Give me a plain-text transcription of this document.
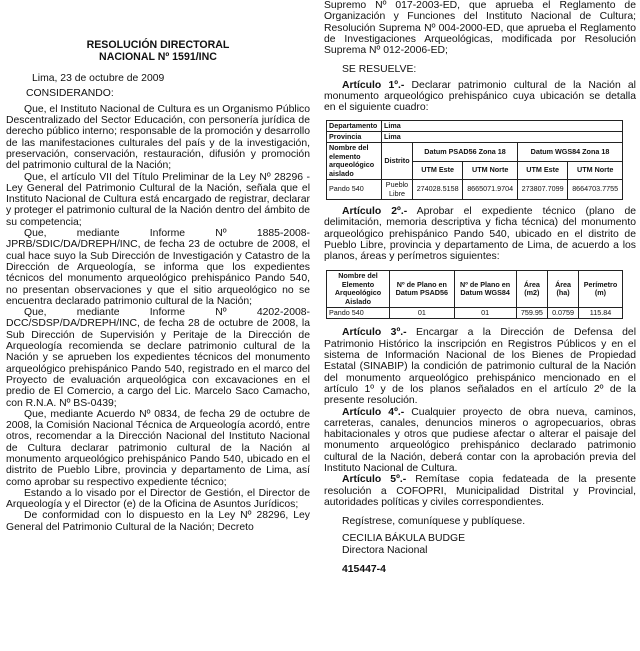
RESOLUCIÓN DIRECTORAL
NACIONAL Nº 1591/INC

Lima, 23 de octubre de 2009

CONSIDERANDO:

Que, el Instituto Nacional de Cultura es un Organismo Público Descentralizado del Sector Educación, con personería jurídica de derecho público interno; responsable de la promoción y desarrollo de las manifestaciones culturales del país y de la investigación, preservación, conservación, restauración, difusión y promoción del patrimonio cultural de la Nación;

Que, el artículo VII del Título Preliminar de la Ley Nº 28296 - Ley General del Patrimonio Cultural de la Nación, señala que el Instituto Nacional de Cultura está encargado de registrar, declarar y proteger el patrimonio cultural de la Nación dentro del ámbito de su competencia;

Que, mediante Informe Nº 1885-2008-JPRB/SDIC/DA/DREPH/INC, de fecha 23 de octubre de 2008, el cual hace suyo la Sub Dirección de Investigación y Catastro de la Dirección de Arqueología, se informa que los expedientes técnicos del monumento arqueológico prehispánico Pando 540, no presentan observaciones y que el sitio arqueológico no se encuentra declarado patrimonio cultural de la Nación;

Que, mediante Informe Nº 4202-2008-DCC/SDSP/DA/DREPH/INC, de fecha 28 de octubre de 2008, la Sub Dirección de Supervisión y Peritaje de la Dirección de Arqueología recomienda se declare patrimonio cultural de la Nación y se aprueben los expedientes técnicos del monumento arqueológico prehispánico Pando 540, registrado en el marco del Proyecto de evaluación arqueológica con excavaciones en el predio de El Comercio, a cargo del Lic. Marcelo Saco Camacho, con R.N.A. Nº BS-0439;

Que, mediante Acuerdo Nº 0834, de fecha 29 de octubre de 2008, la Comisión Nacional Técnica de Arqueología acordó, entre otros, recomendar a la Dirección Nacional del Instituto Nacional de Cultura declarar patrimonio cultural de la Nación al monumento arqueológico prehispánico Pando 540, ubicado en el distrito de Pueblo Libre, provincia y departamento de Lima, así como aprobar su respectivo expediente técnico;

Estando a lo visado por el Director de Gestión, el Director de Arqueología y el Director (e) de la Oficina de Asuntos Jurídicos;

De conformidad con lo dispuesto en la Ley Nº 28296, Ley General del Patrimonio Cultural de la Nación; Decreto

Supremo Nº 017-2003-ED, que aprueba el Reglamento de Organización y Funciones del Instituto Nacional de Cultura; Resolución Suprema Nº 004-2000-ED, que aprueba el Reglamento de Investigaciones Arqueológicas, modificada por Resolución Suprema Nº 012-2006-ED;

SE RESUELVE:

Artículo 1º.- Declarar patrimonio cultural de la Nación al monumento arqueológico prehispánico cuya ubicación se detalla en el siguiente cuadro:

Departamento	Lima				
Provincia	Lima				
Nombre del elemento arqueológico aislado	Distrito	Datum PSAD56 Zona 18		Datum WGS84 Zona 18	
		UTM Este	UTM Norte	UTM Este	UTM Norte
Pando 540	Pueblo Libre	274028.5158	8665071.9704	273807.7099	8664703.7755

Artículo 2º.- Aprobar el expediente técnico (plano de delimitación, memoria descriptiva y ficha técnica) del monumento arqueológico prehispánico Pando 540, ubicado en el distrito de Pueblo Libre, provincia y departamento de Lima, de acuerdo a los planos, áreas y perímetros siguientes:

Nombre del Elemento Arqueológico Aislado	Nº de Plano en Datum PSAD56	Nº de Plano en Datum WGS84	Área (m2)	Área (ha)	Perímetro (m)
Pando 540	01	01	759.95	0.0759	115.84

Artículo 3º.- Encargar a la Dirección de Defensa del Patrimonio Histórico la inscripción en Registros Públicos y en el sistema de Información Nacional de los Bienes de Propiedad Estatal (SINABIP) la condición de patrimonio cultural de la Nación del monumento arqueológico prehispánico mencionado en el artículo 1º y de los planos señalados en el artículo 2º de la presente resolución.

Artículo 4º.- Cualquier proyecto de obra nueva, caminos, carreteras, canales, denuncios mineros o agropecuarios, obras habitacionales y otros que pudiese afectar o alterar el paisaje del monumento arqueológico prehispánico declarado patrimonio cultural de la Nación, deberá contar con la aprobación previa del Instituto Nacional de Cultura.

Artículo 5º.- Remítase copia fedateada de la presente resolución a COFOPRI, Municipalidad Distrital y Provincial, autoridades políticas y civiles correspondientes.

Regístrese, comuníquese y publíquese.

CECILIA BÁKULA BUDGE

Directora Nacional

415447-4
